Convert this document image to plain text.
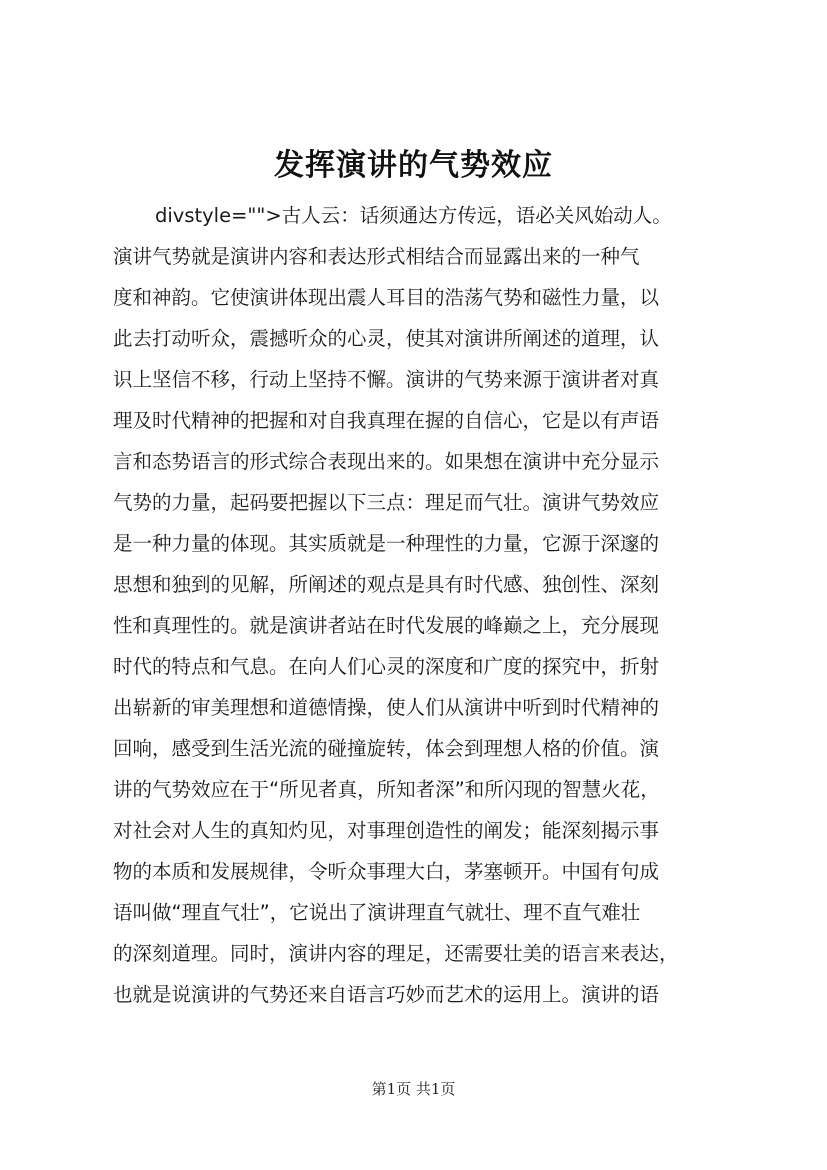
发挥演讲的气势效应
divstyle="">古人云：话须通达方传远，语必关风始动人。
演讲气势就是演讲内容和表达形式相结合而显露出来的一种气
度和神韵。它使演讲体现出震人耳目的浩荡气势和磁性力量，以
此去打动听众，震撼听众的心灵，使其对演讲所阐述的道理，认
识上坚信不移，行动上坚持不懈。演讲的气势来源于演讲者对真
理及时代精神的把握和对自我真理在握的自信心，它是以有声语
言和态势语言的形式综合表现出来的。如果想在演讲中充分显示
气势的力量，起码要把握以下三点：理足而气壮。演讲气势效应
是一种力量的体现。其实质就是一种理性的力量，它源于深邃的
思想和独到的见解，所阐述的观点是具有时代感、独创性、深刻
性和真理性的。就是演讲者站在时代发展的峰巅之上，充分展现
时代的特点和气息。在向人们心灵的深度和广度的探究中，折射
出崭新的审美理想和道德情操，使人们从演讲中听到时代精神的
回响，感受到生活光流的碰撞旋转，体会到理想人格的价值。演
讲的气势效应在于“所见者真，所知者深”和所闪现的智慧火花，
对社会对人生的真知灼见，对事理创造性的阐发；能深刻揭示事
物的本质和发展规律，令听众事理大白，茅塞顿开。中国有句成
语叫做“理直气壮”，它说出了演讲理直气就壮、理不直气难壮
的深刻道理。同时，演讲内容的理足，还需要壮美的语言来表达，
也就是说演讲的气势还来自语言巧妙而艺术的运用上。演讲的语
第1页 共1页
